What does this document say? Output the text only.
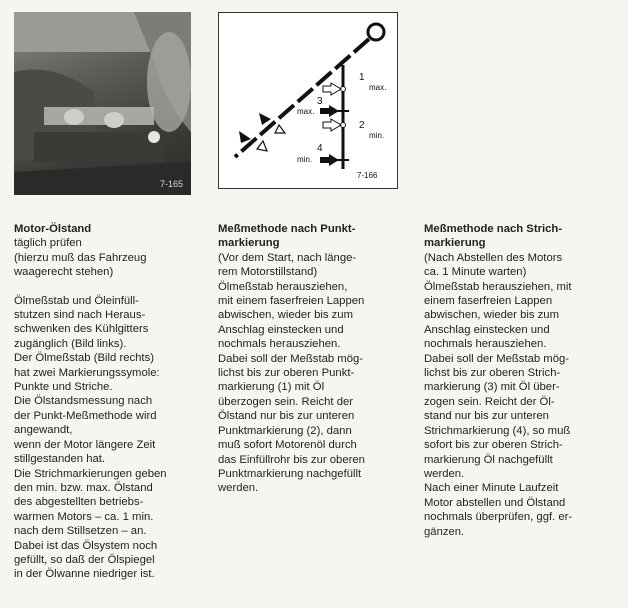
7-165
1
max.
2
min.
3
max.
4
min.
7-166

Motor-Ölstand

täglich prüfen

(hierzu muß das Fahrzeug

waagerecht stehen)

Ölmeßstab und Öleinfüll-

stutzen sind nach Heraus-

schwenken des Kühlgitters

zugänglich (Bild links).

Der Ölmeßstab (Bild rechts)

hat zwei Markierungssymole:

Punkte und Striche.

Die Ölstandsmessung nach

der Punkt-Meßmethode wird

angewandt,

wenn der Motor längere Zeit

stillgestanden hat.

Die Strichmarkierungen geben

den min. bzw. max. Ölstand

des abgestellten betriebs-

warmen Motors – ca. 1 min.

nach dem Stillsetzen – an.

Dabei ist das Ölsystem noch

gefüllt, so daß der Ölspiegel

in der Ölwanne niedriger ist.

Meßmethode nach Punkt-

markierung

(Vor dem Start, nach länge-

rem Motorstillstand)

Ölmeßstab herausziehen,

mit einem faserfreien Lappen

abwischen, wieder bis zum

Anschlag einstecken und

nochmals herausziehen.

Dabei soll der Meßstab mög-

lichst bis zur oberen Punkt-

markierung (1) mit Öl

überzogen sein. Reicht der

Ölstand nur bis zur unteren

Punktmarkierung (2), dann

muß sofort Motorenöl durch

das Einfüllrohr bis zur oberen

Punktmarkierung nachgefüllt

werden.

Meßmethode nach Strich-

markierung

(Nach Abstellen des Motors

ca. 1 Minute warten)

Ölmeßstab herausziehen, mit

einem faserfreien Lappen

abwischen, wieder bis zum

Anschlag einstecken und

nochmals herausziehen.

Dabei soll der Meßstab mög-

lichst bis zur oberen Strich-

markierung (3) mit Öl über-

zogen sein. Reicht der Öl-

stand nur bis zur unteren

Strichmarkierung (4), so muß

sofort bis zur oberen Strich-

markierung Öl nachgefüllt

werden.

Nach einer Minute Laufzeit

Motor abstellen und Ölstand

nochmals überprüfen, ggf. er-

gänzen.
